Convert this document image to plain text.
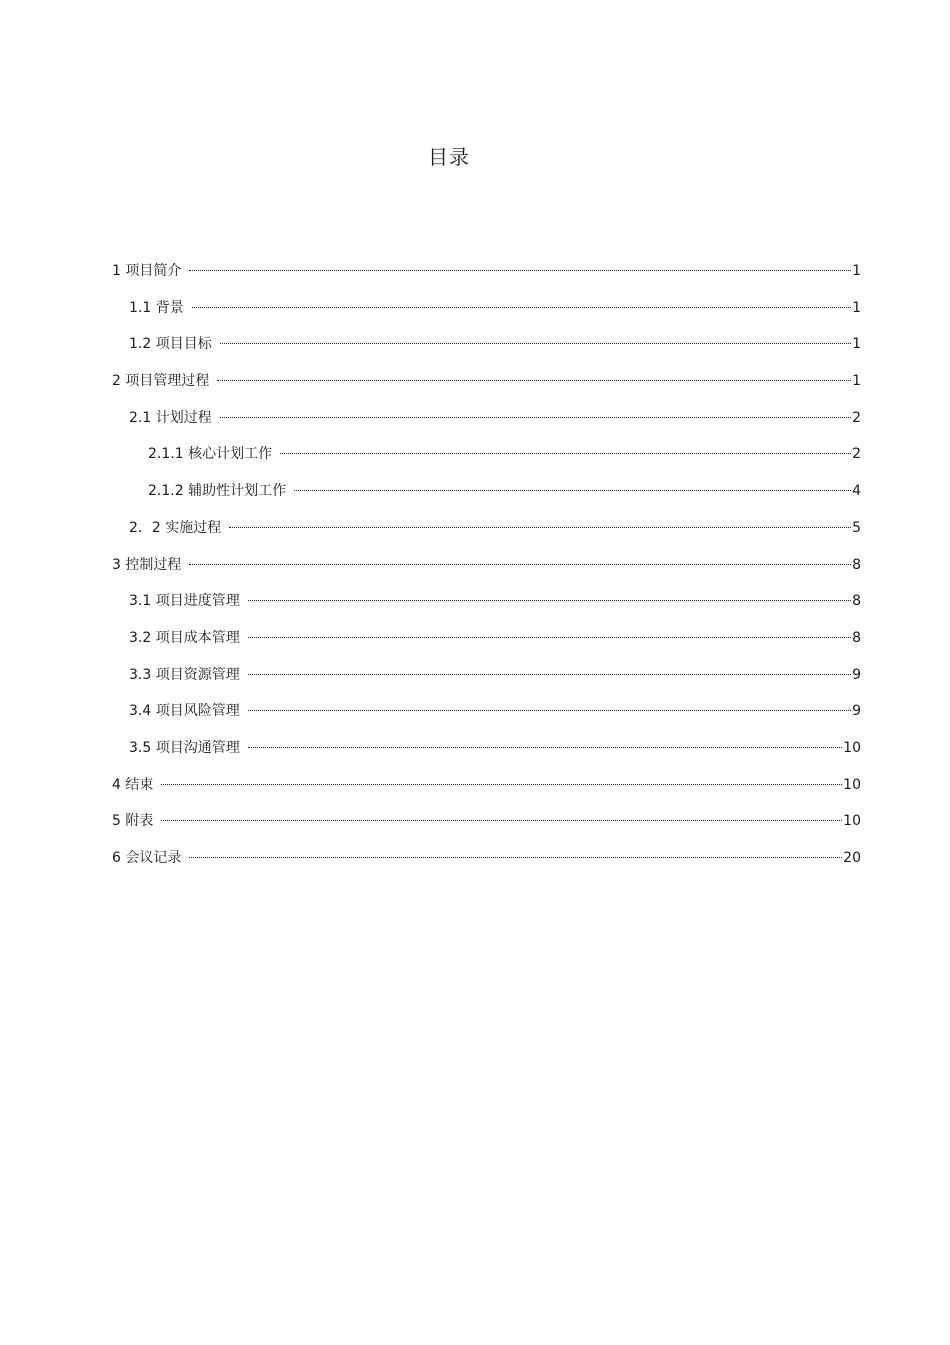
目录
1 项目简介	1
1.1 背景	1
1.2 项目目标	1
2 项目管理过程	1
2.1 计划过程	2
2.1.1 核心计划工作	2
2.1.2 辅助性计划工作	4
2．2 实施过程	5
3 控制过程	8
3.1 项目进度管理	8
3.2 项目成本管理	8
3.3 项目资源管理	9
3.4 项目风险管理	9
3.5 项目沟通管理	10
4 结束	10
5 附表	10
6 会议记录	20
